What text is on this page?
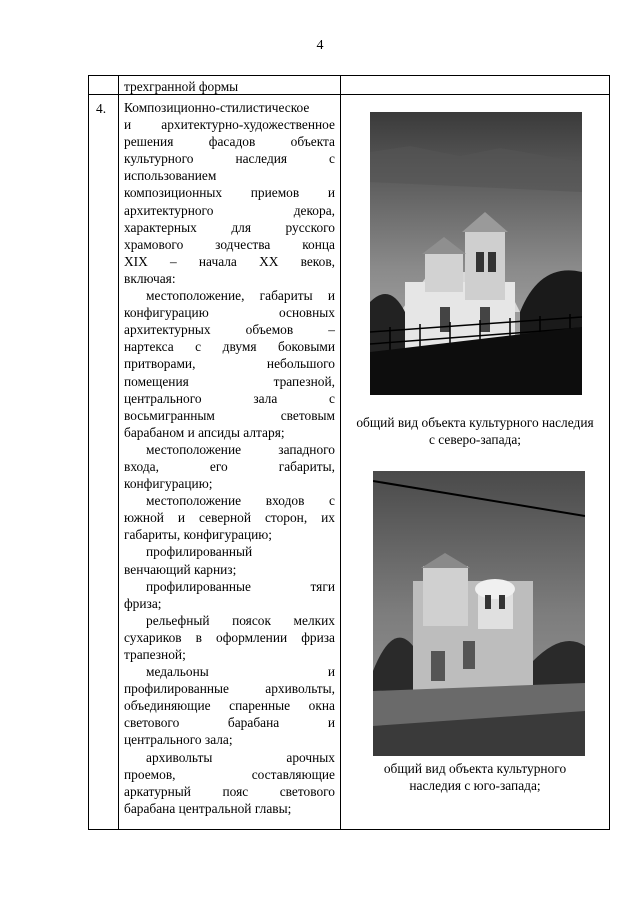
4
трехгранной формы
4. Композиционно-стилистическое
и архитектурно-художественное
решения фасадов объекта
культурного наследия с
использованием
композиционных приемов и
архитектурного декора,
характерных для русского
храмового зодчества конца
XIX – начала XX веков,
включая:
местоположение, габариты и
конфигурацию основных
архитектурных объемов –
нартекса с двумя боковыми
притворами, небольшого
помещения трапезной,
центрального зала с
восьмигранным световым
барабаном и апсиды алтаря;
местоположение западного
входа, его габариты,
конфигурацию;
местоположение входов с
южной и северной сторон, их
габариты, конфигурацию;
профилированный
венчающий карниз;
профилированные тяги
фриза;
рельефный поясок мелких
сухариков в оформлении фриза
трапезной;
медальоны и
профилированные архивольты,
объединяющие спаренные окна
светового барабана и
центрального зала;
архивольты арочных
проемов, составляющие
аркатурный пояс светового
барабана центральной главы;
общий вид объекта культурного наследия
с северо-запада;
общий вид объекта культурного
наследия с юго-запада;
